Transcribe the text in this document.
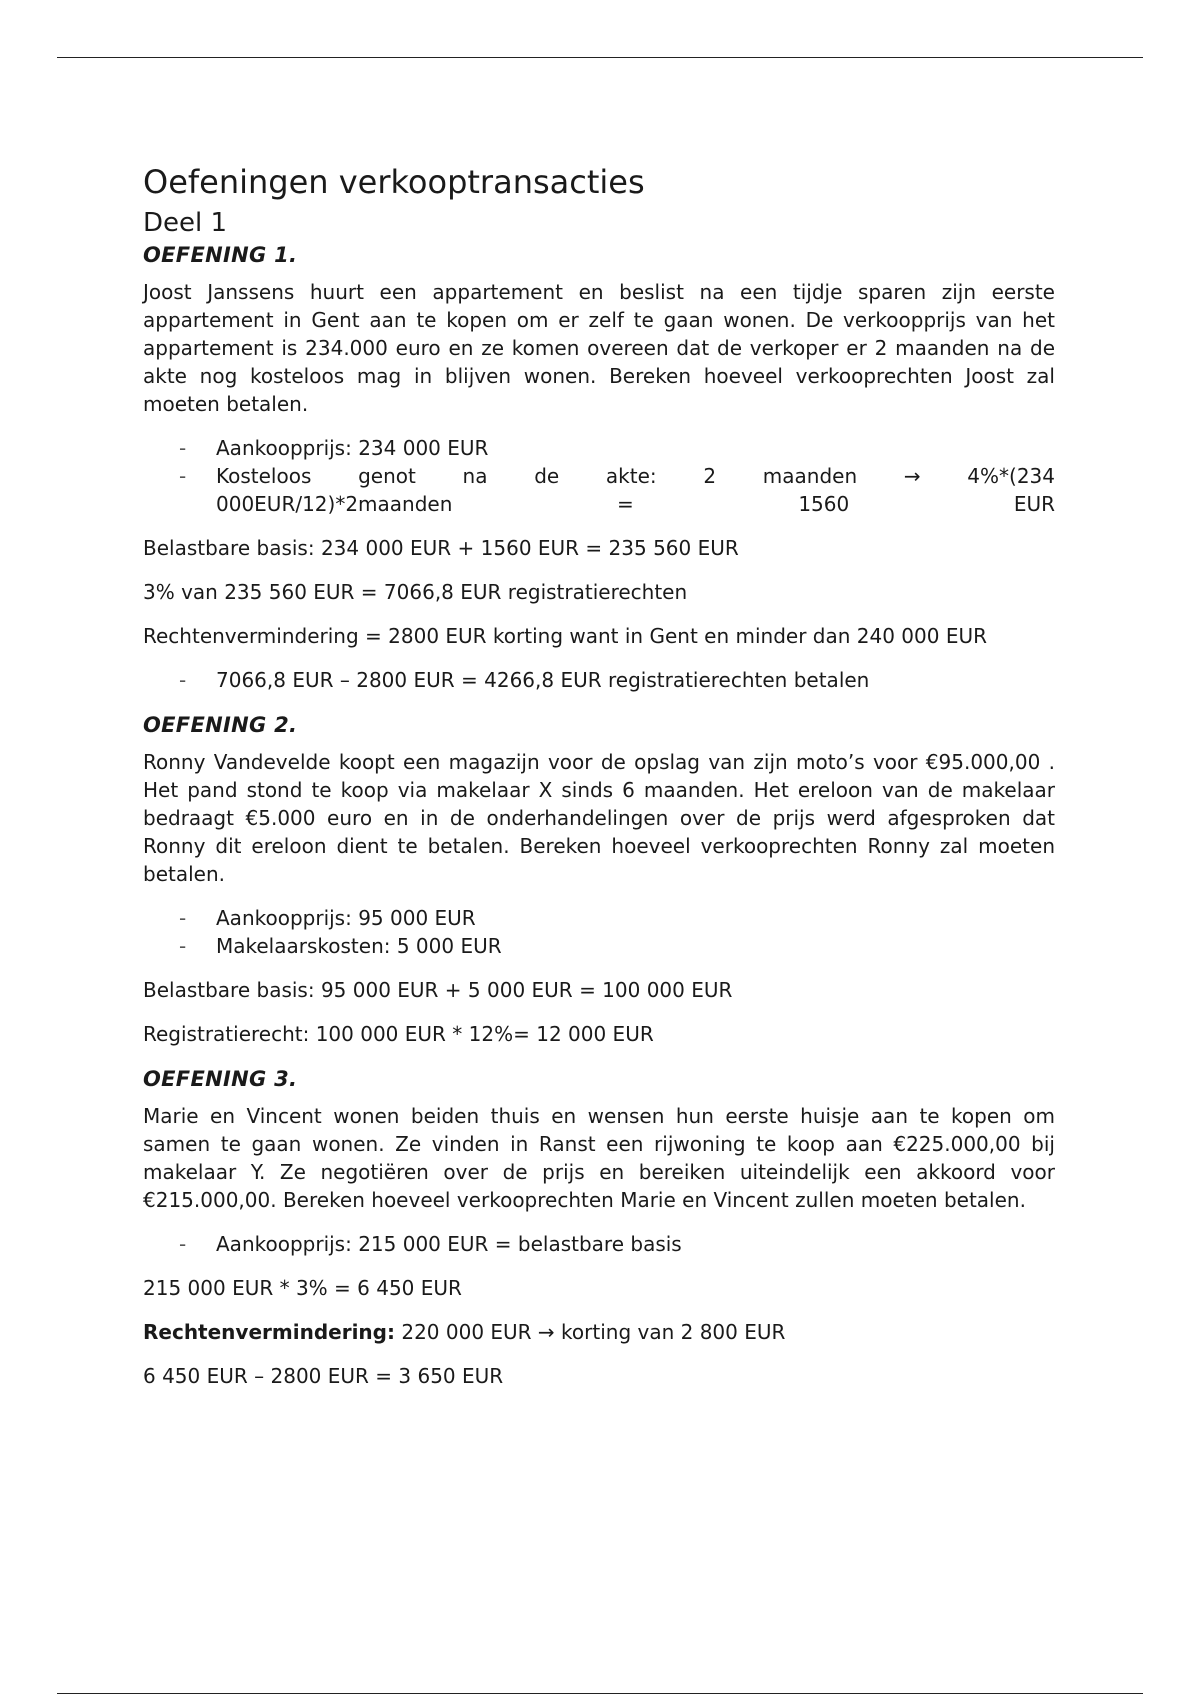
Oefeningen verkooptransacties
Deel 1
OEFENING 1.

Joost Janssens huurt een appartement en beslist na een tijdje sparen zijn eerste appartement in Gent aan te kopen om er zelf te gaan wonen. De verkoopprijs van het appartement is 234.000 euro en ze komen overeen dat de verkoper er 2 maanden na de akte nog kosteloos mag in blijven wonen. Bereken hoeveel verkooprechten Joost zal moeten betalen.

- Aankoopprijs: 234 000 EUR
- Kosteloos genot na de akte: 2 maanden → 4%*(234
000EUR/12)*2maanden = 1560 EUR

Belastbare basis: 234 000 EUR + 1560 EUR = 235 560 EUR

3% van 235 560 EUR = 7066,8 EUR registratierechten

Rechtenvermindering = 2800 EUR korting want in Gent en minder dan 240 000 EUR

- 7066,8 EUR – 2800 EUR = 4266,8 EUR registratierechten betalen
OEFENING 2.

Ronny Vandevelde koopt een magazijn voor de opslag van zijn moto’s voor €95.000,00 . Het pand stond te koop via makelaar X sinds 6 maanden. Het ereloon van de makelaar bedraagt €5.000 euro en in de onderhandelingen over de prijs werd afgesproken dat Ronny dit ereloon dient te betalen. Bereken hoeveel verkooprechten Ronny zal moeten betalen.

- Aankoopprijs: 95 000 EUR
- Makelaarskosten: 5 000 EUR

Belastbare basis: 95 000 EUR + 5 000 EUR = 100 000 EUR

Registratierecht: 100 000 EUR * 12%= 12 000 EUR

OEFENING 3.

Marie en Vincent wonen beiden thuis en wensen hun eerste huisje aan te kopen om samen te gaan wonen. Ze vinden in Ranst een rijwoning te koop aan €225.000,00 bij makelaar Y. Ze negotiëren over de prijs en bereiken uiteindelijk een akkoord voor €215.000,00. Bereken hoeveel verkooprechten Marie en Vincent zullen moeten betalen.

- Aankoopprijs: 215 000 EUR = belastbare basis

215 000 EUR * 3% = 6 450 EUR

Rechtenvermindering: 220 000 EUR → korting van 2 800 EUR

6 450 EUR – 2800 EUR = 3 650 EUR
